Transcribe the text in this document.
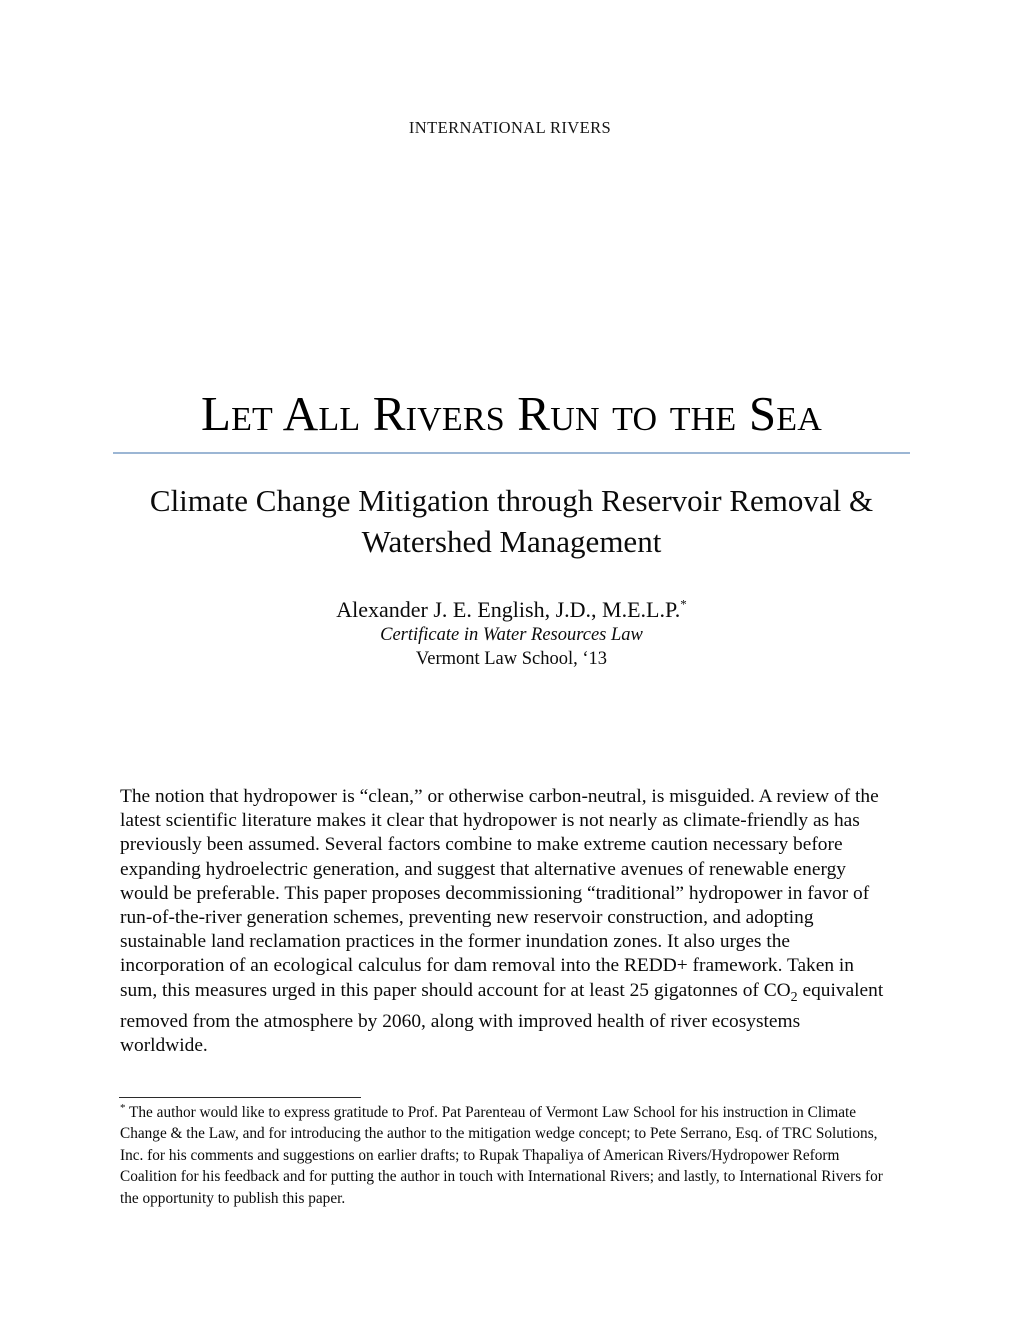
INTERNATIONAL RIVERS
Let All Rivers Run to the Sea
Climate Change Mitigation through Reservoir Removal & Watershed Management
Alexander J. E. English, J.D., M.E.L.P.*
Certificate in Water Resources Law
Vermont Law School, ‘13
The notion that hydropower is “clean,” or otherwise carbon-neutral, is misguided. A review of the latest scientific literature makes it clear that hydropower is not nearly as climate-friendly as has previously been assumed. Several factors combine to make extreme caution necessary before expanding hydroelectric generation, and suggest that alternative avenues of renewable energy would be preferable. This paper proposes decommissioning “traditional” hydropower in favor of run-of-the-river generation schemes, preventing new reservoir construction, and adopting sustainable land reclamation practices in the former inundation zones. It also urges the incorporation of an ecological calculus for dam removal into the REDD+ framework. Taken in sum, this measures urged in this paper should account for at least 25 gigatonnes of $CO_2$ equivalent removed from the atmosphere by 2060, along with improved health of river ecosystems worldwide.
* The author would like to express gratitude to Prof. Pat Parenteau of Vermont Law School for his instruction in Climate Change & the Law, and for introducing the author to the mitigation wedge concept; to Pete Serrano, Esq. of TRC Solutions, Inc. for his comments and suggestions on earlier drafts; to Rupak Thapaliya of American Rivers/Hydropower Reform Coalition for his feedback and for putting the author in touch with International Rivers; and lastly, to International Rivers for the opportunity to publish this paper.
